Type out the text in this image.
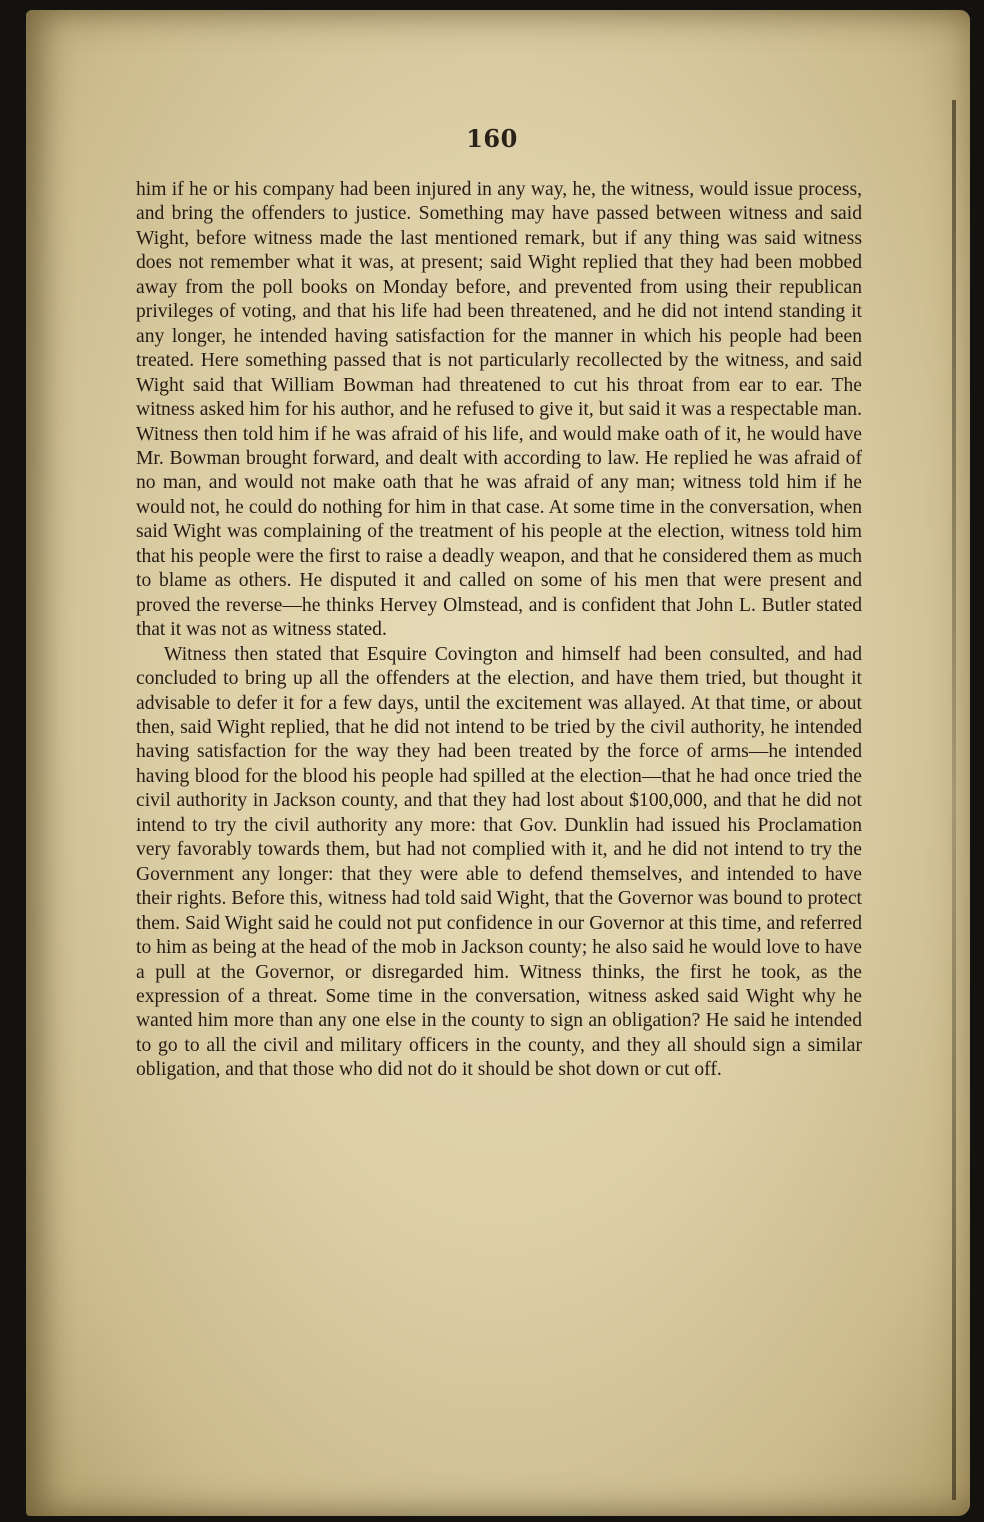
160

him if he or his company had been injured in any way, he, the witness, would issue process, and bring the offenders to justice. Something may have passed between witness and said Wight, before witness made the last mentioned remark, but if any thing was said witness does not remember what it was, at present; said Wight replied that they had been mobbed away from the poll books on Monday before, and prevented from using their republican privileges of voting, and that his life had been threatened, and he did not intend standing it any longer, he intended having satisfaction for the manner in which his people had been treated. Here something passed that is not particularly recollected by the witness, and said Wight said that William Bowman had threatened to cut his throat from ear to ear. The witness asked him for his author, and he refused to give it, but said it was a respectable man. Witness then told him if he was afraid of his life, and would make oath of it, he would have Mr. Bowman brought forward, and dealt with according to law. He replied he was afraid of no man, and would not make oath that he was afraid of any man; witness told him if he would not, he could do nothing for him in that case. At some time in the conversation, when said Wight was complaining of the treatment of his people at the election, witness told him that his people were the first to raise a deadly weapon, and that he considered them as much to blame as others. He disputed it and called on some of his men that were present and proved the reverse—he thinks Hervey Olmstead, and is confident that John L. Butler stated that it was not as witness stated.

Witness then stated that Esquire Covington and himself had been consulted, and had concluded to bring up all the offenders at the election, and have them tried, but thought it advisable to defer it for a few days, until the excitement was allayed. At that time, or about then, said Wight replied, that he did not intend to be tried by the civil authority, he intended having satisfaction for the way they had been treated by the force of arms—he intended having blood for the blood his people had spilled at the election—that he had once tried the civil authority in Jackson county, and that they had lost about $100,000, and that he did not intend to try the civil authority any more: that Gov. Dunklin had issued his Proclamation very favorably towards them, but had not complied with it, and he did not intend to try the Government any longer: that they were able to defend themselves, and intended to have their rights. Before this, witness had told said Wight, that the Governor was bound to protect them. Said Wight said he could not put confidence in our Governor at this time, and referred to him as being at the head of the mob in Jackson county; he also said he would love to have a pull at the Governor, or disregarded him. Witness thinks, the first he took, as the expression of a threat. Some time in the conversation, witness asked said Wight why he wanted him more than any one else in the county to sign an obligation? He said he intended to go to all the civil and military officers in the county, and they all should sign a similar obligation, and that those who did not do it should be shot down or cut off.
